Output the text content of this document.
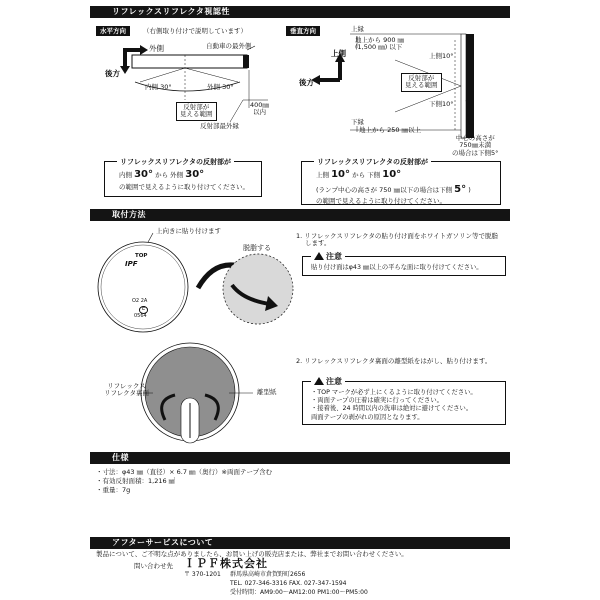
リフレックスリフレクタ視認性
水平方向	（右側取り付けで説明しています）
外側
後方
自動車の最外側
内側 30°	外側 30°
反射部が
見える範囲
400㎜
以内
反射部最外縁
垂直方向	上縁
地上から 900 ㎜
(1,500 ㎜) 以下
上側
後方
上側10°
下側10°
反射部が
見える範囲
下縁
地上から 250 ㎜以上
中心の高さが
750㎜未満
の場合は下側5°
リフレックスリフレクタの反射部が
内側 30° から 外側 30°
の範囲で見えるように取り付けてください。
リフレックスリフレクタの反射部が
上側 10° から 下側 10°
(ランプ中心の高さが 750 ㎜以下の場合は下側 5° )
の範囲で見えるように取り付けてください。
取付方法
上向きに貼り付けます
TOP
IPF
O2 2A
E
0564
脱脂する
1. リフレックスリフレクタの貼り付け面をホワイトガソリン等で脱脂
します。
注意
貼り付け面はφ43 ㎜以上の平らな面に取り付けてください。
リフレックス
リフレクタ裏面	離型紙
2. リフレックスリフレクタ裏面の離型紙をはがし、貼り付けます。
注意
・TOP マークが必ず上にくるように取り付けてください。
・両面テープの圧着は確実に行ってください。
・接着後、24 時間以内の洗車は絶対に避けてください。
両面テープの剥がれの原因となります。
仕様
・寸法：φ43 ㎜（直径）× 6.7 ㎜（奥行）※両面テープ含む
・有効反射面積：1,216 ㎟
・重量：7g
アフターサービスについて
製品について、ご不明な点がありましたら、お買い上げの販売店または、弊社までお問い合わせください。
問い合わせ先 ＩＰＦ株式会社
〒 370-1201 群馬県高崎市倉賀野町2656
TEL. 027-346-3316 FAX. 027-347-1594
受付時間：AM9:00〜AM12:00 PM1:00〜PM5:00
